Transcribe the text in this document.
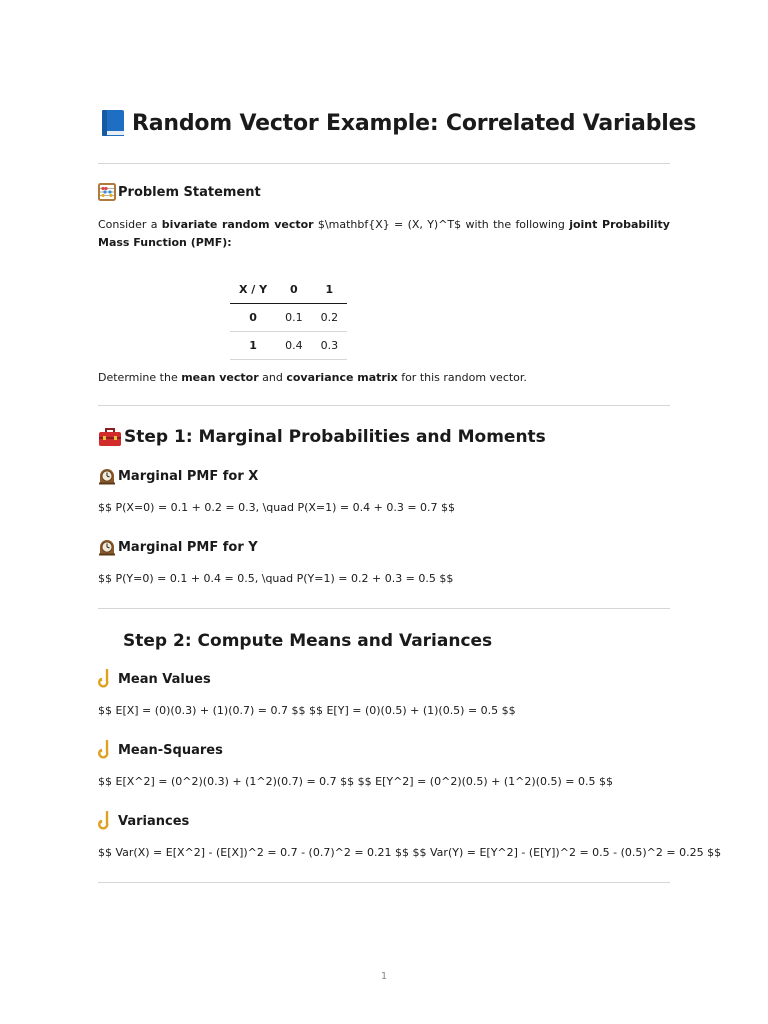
Random Vector Example: Correlated Variables
Problem Statement
Consider a bivariate random vector $\mathbf{X} = (X, Y)^T$ with the following joint Probability Mass Function (PMF):
X / Y	0	1
0	0.1	0.2
1	0.4	0.3
Determine the mean vector and covariance matrix for this random vector.
Step 1: Marginal Probabilities and Moments
Marginal PMF for X
$$ P(X=0) = 0.1 + 0.2 = 0.3, \quad P(X=1) = 0.4 + 0.3 = 0.7 $$
Marginal PMF for Y
$$ P(Y=0) = 0.1 + 0.4 = 0.5, \quad P(Y=1) = 0.2 + 0.3 = 0.5 $$
Step 2: Compute Means and Variances
Mean Values
$$ E[X] = (0)(0.3) + (1)(0.7) = 0.7 $$ $$ E[Y] = (0)(0.5) + (1)(0.5) = 0.5 $$
Mean-Squares
$$ E[X^2] = (0^2)(0.3) + (1^2)(0.7) = 0.7 $$ $$ E[Y^2] = (0^2)(0.5) + (1^2)(0.5) = 0.5 $$
Variances
$$ Var(X) = E[X^2] - (E[X])^2 = 0.7 - (0.7)^2 = 0.21 $$ $$ Var(Y) = E[Y^2] - (E[Y])^2 = 0.5 - (0.5)^2 = 0.25 $$
1
